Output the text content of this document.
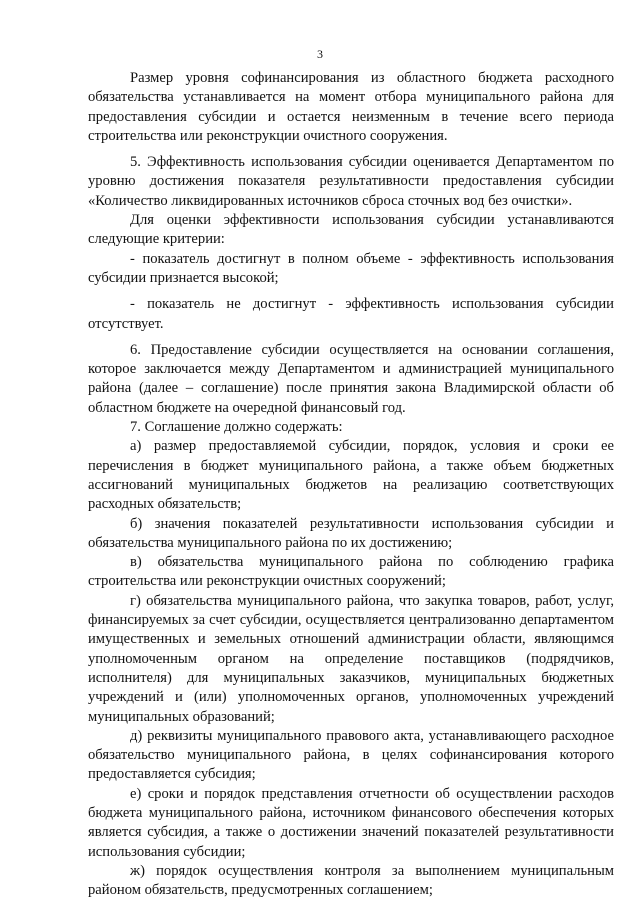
3

Размер уровня софинансирования из областного бюджета расходного обязательства устанавливается на момент отбора муниципального района для предоставления субсидии и остается неизменным в течение всего периода строительства или реконструкции очистного сооружения.

5. Эффективность использования субсидии оценивается Департаментом по уровню достижения показателя результативности предоставления субсидии «Количество ликвидированных источников сброса сточных вод без очистки».

Для оценки эффективности использования субсидии устанавливаются следующие критерии:

- показатель достигнут в полном объеме - эффективность использования субсидии признается высокой;

- показатель не достигнут - эффективность использования субсидии отсутствует.

6. Предоставление субсидии осуществляется на основании соглашения, которое заключается между Департаментом и администрацией муниципального района (далее – соглашение) после принятия закона Владимирской области об областном бюджете на очередной финансовый год.

7. Соглашение должно содержать:

а) размер предоставляемой субсидии, порядок, условия и сроки ее перечисления в бюджет муниципального района, а также объем бюджетных ассигнований муниципальных бюджетов на реализацию соответствующих расходных обязательств;

б) значения показателей результативности использования субсидии и обязательства муниципального района по их достижению;

в) обязательства муниципального района по соблюдению графика строительства или реконструкции очистных сооружений;

г) обязательства муниципального района, что закупка товаров, работ, услуг, финансируемых за счет субсидии, осуществляется централизованно департаментом имущественных и земельных отношений администрации области, являющимся уполномоченным органом на определение поставщиков (подрядчиков, исполнителя) для муниципальных заказчиков, муниципальных бюджетных учреждений и (или) уполномоченных органов, уполномоченных учреждений муниципальных образований;

д) реквизиты муниципального правового акта, устанавливающего расходное обязательство муниципального района, в целях софинансирования которого предоставляется субсидия;

е) сроки и порядок представления отчетности об осуществлении расходов бюджета муниципального района, источником финансового обеспечения которых является субсидия, а также о достижении значений показателей результативности использования субсидии;

ж) порядок осуществления контроля за выполнением муниципальным районом обязательств, предусмотренных соглашением;
